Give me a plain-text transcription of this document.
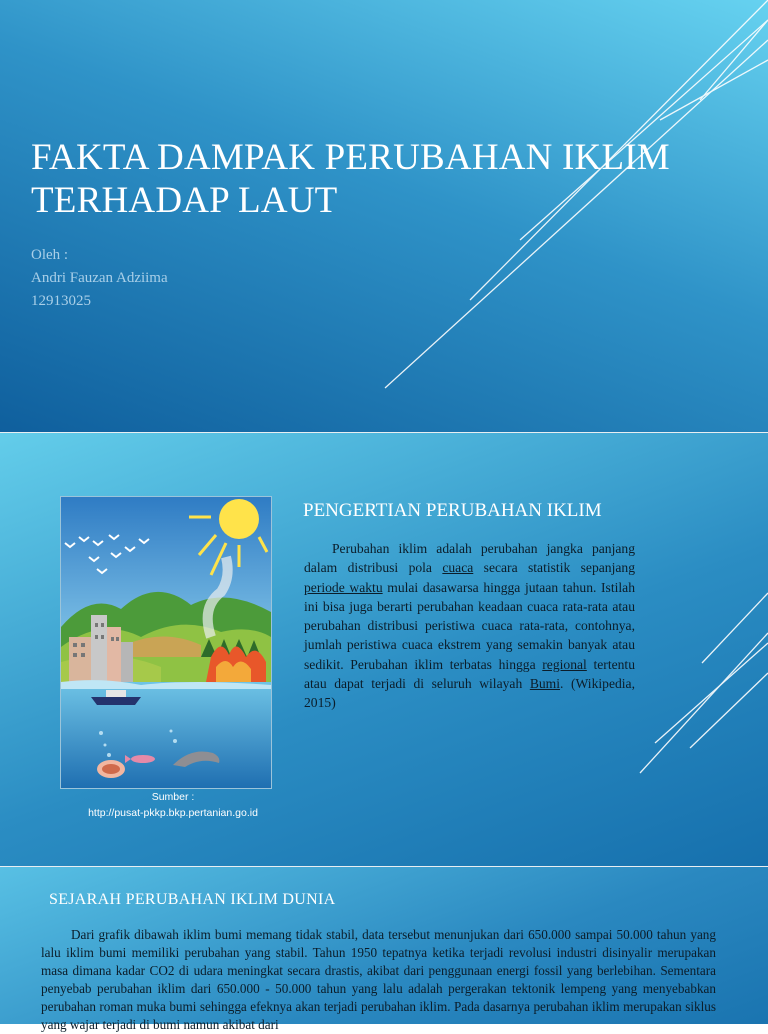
FAKTA DAMPAK PERUBAHAN IKLIM
TERHADAP LAUT
Oleh :
Andri Fauzan Adziima
12913025
Sumber :
http://pusat-pkkp.bkp.pertanian.go.id
PENGERTIAN PERUBAHAN IKLIM

Perubahan iklim adalah perubahan jangka panjang dalam distribusi pola cuaca secara statistik sepanjang periode waktu mulai dasawarsa hingga jutaan tahun. Istilah ini bisa juga berarti perubahan keadaan cuaca rata-rata atau perubahan distribusi peristiwa cuaca rata-rata, contohnya, jumlah peristiwa cuaca ekstrem yang semakin banyak atau sedikit. Perubahan iklim terbatas hingga regional tertentu atau dapat terjadi di seluruh wilayah Bumi. (Wikipedia, 2015)

SEJARAH PERUBAHAN IKLIM DUNIA

Dari grafik dibawah iklim bumi memang tidak stabil, data tersebut menunjukan dari 650.000 sampai 50.000 tahun yang lalu iklim bumi memiliki perubahan yang stabil. Tahun 1950 tepatnya ketika terjadi revolusi industri disinyalir merupakan masa dimana kadar CO2 di udara meningkat secara drastis, akibat dari penggunaan energi fossil yang berlebihan. Sementara penyebab perubahan iklim dari 650.000 - 50.000 tahun yang lalu adalah pergerakan tektonik lempeng yang menyebabkan perubahan roman muka bumi sehingga efeknya akan terjadi perubahan iklim. Pada dasarnya perubahan iklim merupakan siklus yang wajar terjadi di bumi namun akibat dari
